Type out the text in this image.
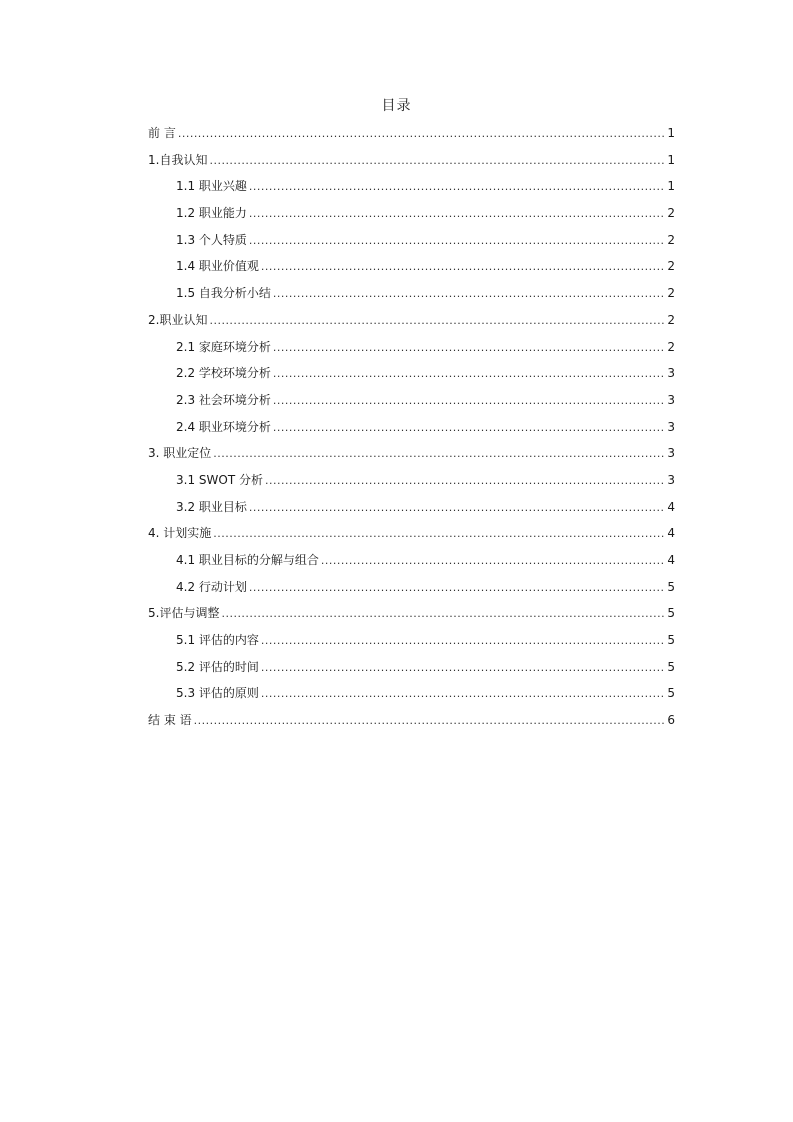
目录
前 言 .....	1
1.自我认知 .....	1
1.1 职业兴趣 .....	1
1.2 职业能力 .....	2
1.3 个人特质 .....	2
1.4 职业价值观 .....	2
1.5 自我分析小结 .....	2
2.职业认知 .....	2
2.1 家庭环境分析 .....	2
2.2 学校环境分析 .....	3
2.3 社会环境分析 .....	3
2.4 职业环境分析 .....	3
3. 职业定位 .....	3
3.1 SWOT 分析 .....	3
3.2 职业目标 .....	4
4. 计划实施 .....	4
4.1 职业目标的分解与组合 .....	4
4.2 行动计划 .....	5
5.评估与调整 .....	5
5.1 评估的内容 .....	5
5.2 评估的时间 .....	5
5.3 评估的原则 .....	5
结 束 语 .....	6
